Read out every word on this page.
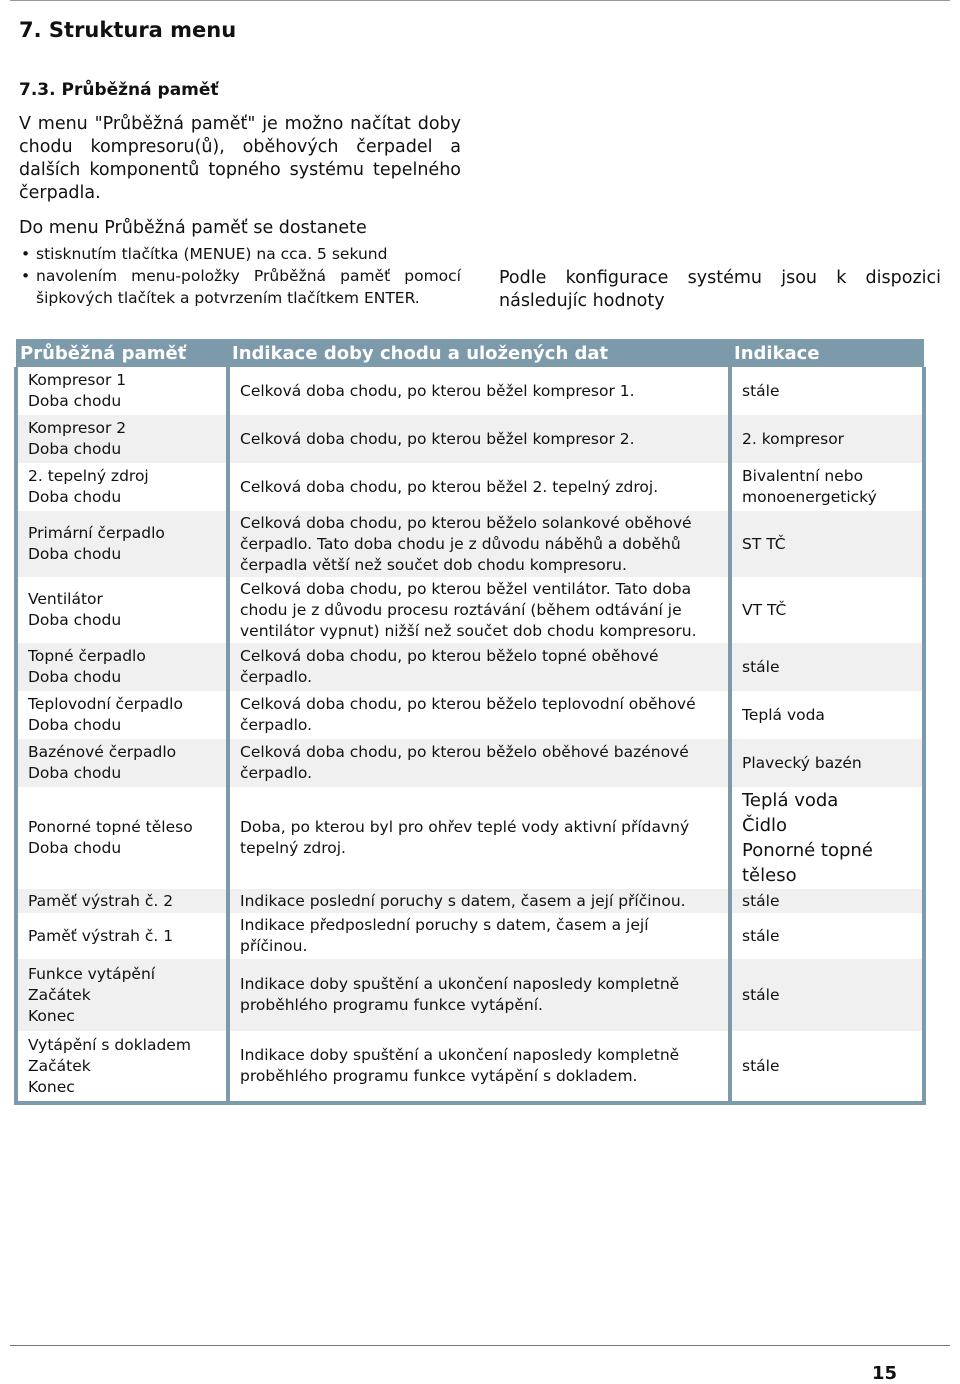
7. Struktura menu
7.3. Průběžná paměť

V menu "Průběžná paměť" je možno načítat doby chodu kompresoru(ů), oběhových čerpadel a dalších komponentů topného systému tepelného čerpadla.

Do menu Průběžná paměť se dostanete
• stisknutím tlačítka (MENUE) na cca. 5 sekund
• navolením menu-položky Průběžná paměť pomocí šipkových tlačítek a potvrzením tlačítkem ENTER.
Podle konfigurace systému jsou k dispozici
následujíc hodnoty
Průběžná paměť	Indikace doby chodu a uložených dat	Indikace

Kompresor 1
Doba chodu	Celková doba chodu, po kterou běžel kompresor 1.	stále

Kompresor 2
Doba chodu	Celková doba chodu, po kterou běžel kompresor 2.	2. kompresor

2. tepelný zdroj
Doba chodu	Celková doba chodu, po kterou běžel 2. tepelný zdroj.	Bivalentní nebo
monoenergetický

Primární čerpadlo
Doba chodu	Celková doba chodu, po kterou běželo solankové oběhové
čerpadlo. Tato doba chodu je z důvodu náběhů a doběhů
čerpadla větší než součet dob chodu kompresoru.	ST TČ

Ventilátor
Doba chodu	Celková doba chodu, po kterou běžel ventilátor. Tato doba
chodu je z důvodu procesu roztávání (během odtávání je
ventilátor vypnut) nižší než součet dob chodu kompresoru.	VT TČ

Topné čerpadlo
Doba chodu	Celková doba chodu, po kterou běželo topné oběhové
čerpadlo.	stále

Teplovodní čerpadlo
Doba chodu	Celková doba chodu, po kterou běželo teplovodní oběhové
čerpadlo.	Teplá voda

Bazénové čerpadlo
Doba chodu	Celková doba chodu, po kterou běželo oběhové bazénové
čerpadlo.	Plavecký bazén

Ponorné topné těleso
Doba chodu	Doba, po kterou byl pro ohřev teplé vody aktivní přídavný
tepelný zdroj.	Teplá voda
Čidlo
Ponorné topné
těleso

Paměť výstrah č. 2	Indikace poslední poruchy s datem, časem a její příčinou.	stále

Paměť výstrah č. 1	Indikace předposlední poruchy s datem, časem a její
příčinou.	stále

Funkce vytápění
Začátek
Konec	Indikace doby spuštění a ukončení naposledy kompletně
proběhlého programu funkce vytápění.	stále

Vytápění s dokladem
Začátek
Konec	Indikace doby spuštění a ukončení naposledy kompletně
proběhlého programu funkce vytápění s dokladem.	stále
15
